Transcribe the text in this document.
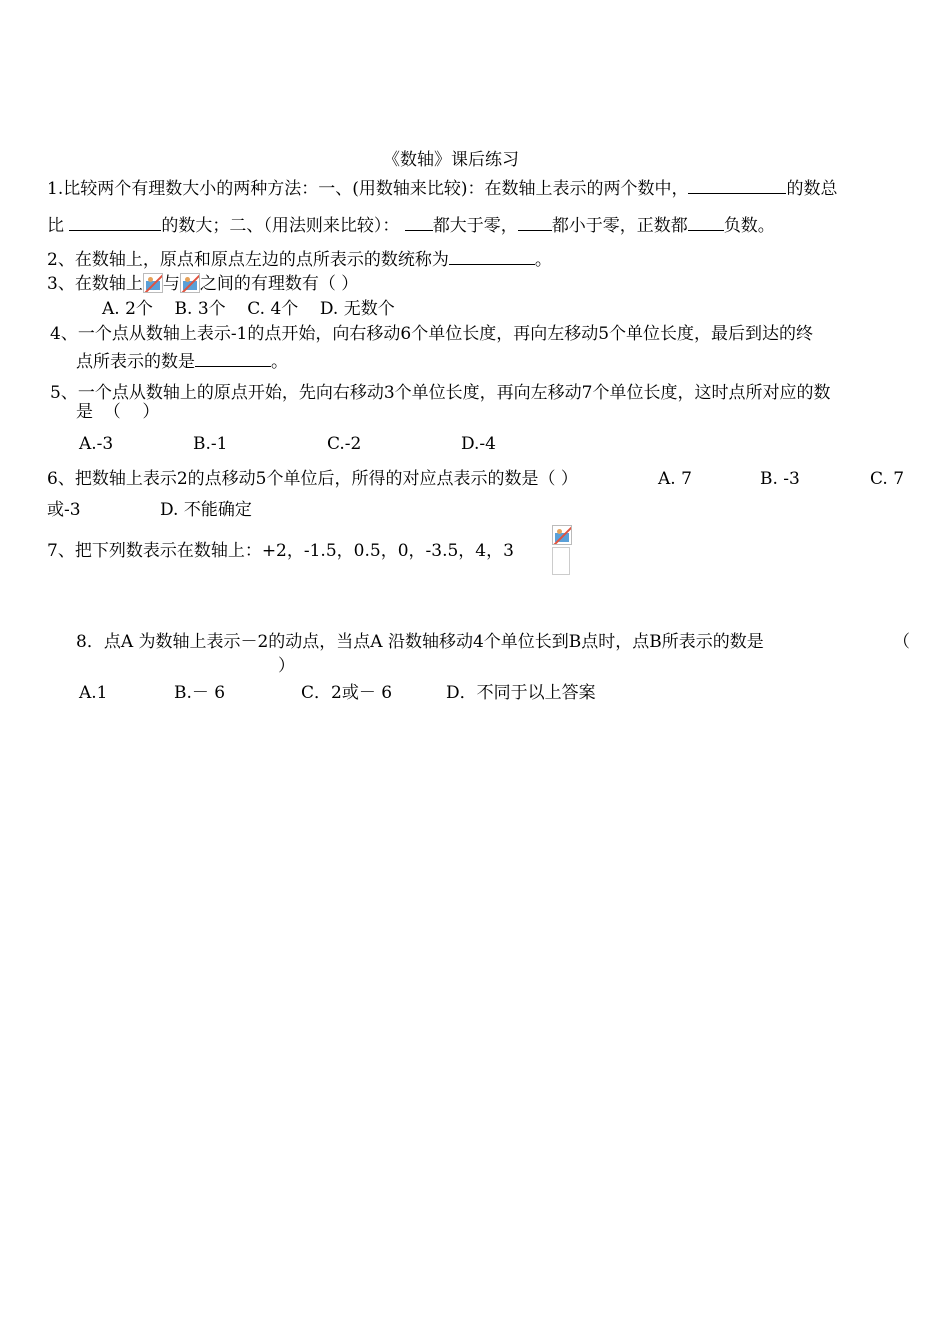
《数轴》课后练习
1.比较两个有理数大小的两种方法：一、(用数轴来比较)：在数轴上表示的两个数中，	的数总
比	的数大；二、（用法则来比较）： 都大于零， 都小于零，正数都 负数。
2、在数轴上，原点和原点左边的点所表示的数统称为	。
3、在数轴上 与 之间的有理数有（ ）
A. 2个    B. 3个    C. 4个    D. 无数个
4、一个点从数轴上表示-1的点开始，向右移动6个单位长度，再向左移动5个单位长度，最后到达的终
点所表示的数是	。
5、一个点从数轴上的原点开始，先向右移动3个单位长度，再向左移动7个单位长度，这时点所对应的数
是  （    ）
A.-3	B.-1	C.-2	D.-4
6、把数轴上表示2的点移动5个单位后，所得的对应点表示的数是（ ）	A. 7	B. -3	C. 7
或-3	D. 不能确定
7、把下列数表示在数轴上：+2，-1.5，0.5，0，-3.5，4，3
8．点A 为数轴上表示－2的动点，当点A 沿数轴移动4个单位长到B点时，点B所表示的数是	（
）
A.1	B.－ 6	C．2或－ 6	D．不同于以上答案
